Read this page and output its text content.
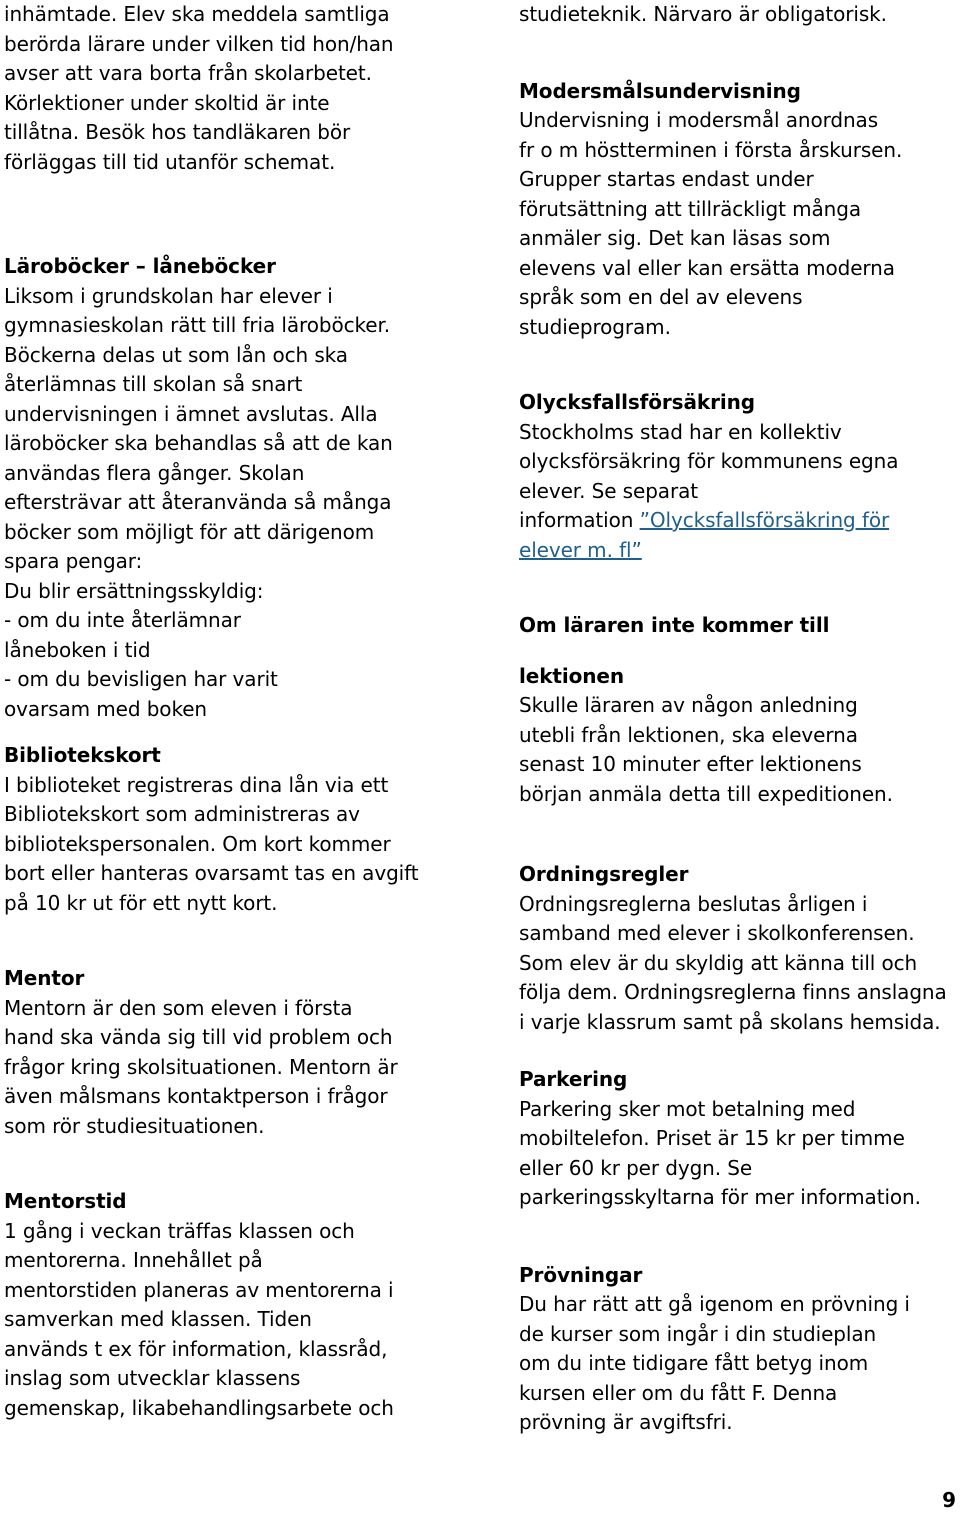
inhämtade. Elev ska meddela samtliga
berörda lärare under vilken tid hon/han
avser att vara borta från skolarbetet.
Körlektioner under skoltid är inte
tillåtna. Besök hos tandläkaren bör
förläggas till tid utanför schemat.
Läroböcker – låneböcker
Liksom i grundskolan har elever i
gymnasieskolan rätt till fria läroböcker.
Böckerna delas ut som lån och ska
återlämnas till skolan så snart
undervisningen i ämnet avslutas. Alla
läroböcker ska behandlas så att de kan
användas flera gånger. Skolan
eftersträvar att återanvända så många
böcker som möjligt för att därigenom
spara pengar:
Du blir ersättningsskyldig:
- om du inte återlämnar
låneboken i tid
- om du bevisligen har varit
ovarsam med boken
Bibliotekskort
I biblioteket registreras dina lån via ett
Bibliotekskort som administreras av
bibliotekspersonalen. Om kort kommer
bort eller hanteras ovarsamt tas en avgift
på 10 kr ut för ett nytt kort.
Mentor
Mentorn är den som eleven i första
hand ska vända sig till vid problem och
frågor kring skolsituationen. Mentorn är
även målsmans kontaktperson i frågor
som rör studiesituationen.
Mentorstid
1 gång i veckan träffas klassen och
mentorerna. Innehållet på
mentorstiden planeras av mentorerna i
samverkan med klassen. Tiden
används t ex för information, klassråd,
inslag som utvecklar klassens
gemenskap, likabehandlingsarbete och
studieteknik. Närvaro är obligatorisk.
Modersmålsundervisning
Undervisning i modersmål anordnas
fr o m höstterminen i första årskursen.
Grupper startas endast under
förutsättning att tillräckligt många
anmäler sig. Det kan läsas som
elevens val eller kan ersätta moderna
språk som en del av elevens
studieprogram.
Olycksfallsförsäkring
Stockholms stad har en kollektiv
olycksförsäkring för kommunens egna
elever. Se separat
information ”Olycksfallsförsäkring för
elever m. fl”
Om läraren inte kommer till
lektionen
Skulle läraren av någon anledning
utebli från lektionen, ska eleverna
senast 10 minuter efter lektionens
början anmäla detta till expeditionen.
Ordningsregler
Ordningsreglerna beslutas årligen i
samband med elever i skolkonferensen.
Som elev är du skyldig att känna till och
följa dem. Ordningsreglerna finns anslagna
i varje klassrum samt på skolans hemsida.
Parkering
Parkering sker mot betalning med
mobiltelefon. Priset är 15 kr per timme
eller 60 kr per dygn. Se
parkeringsskyltarna för mer information.
Prövningar
Du har rätt att gå igenom en prövning i
de kurser som ingår i din studieplan
om du inte tidigare fått betyg inom
kursen eller om du fått F. Denna
prövning är avgiftsfri.
9
